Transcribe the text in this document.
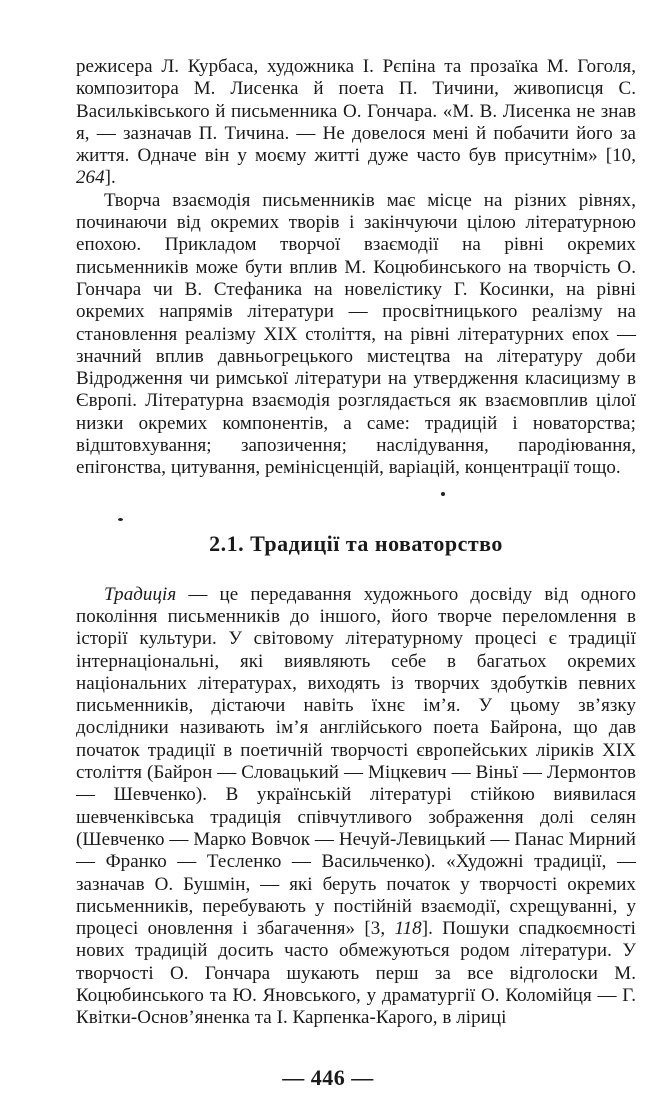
режисера Л. Курбаса, художника І. Рєпіна та прозаїка М. Гоголя, композитора М. Лисенка й поета П. Тичини, живописця С. Васильківського й письменника О. Гончара. «М. В. Лисенка не знав я, — зазначав П. Тичина. — Не довелося мені й побачити його за життя. Одначе він у моєму житті дуже часто був присутнім» [10, 264].

Творча взаємодія письменників має місце на різних рівнях, починаючи від окремих творів і закінчуючи цілою літературною епохою. Прикладом творчої взаємодії на рівні окремих письменників може бути вплив М. Коцюбинського на творчість О. Гончара чи В. Стефаника на новелістику Г. Косинки, на рівні окремих напрямів літератури — просвітницького реалізму на становлення реалізму XIX століття, на рівні літературних епох — значний вплив давньогрецького мистецтва на літературу доби Відродження чи римської літератури на утвердження класицизму в Європі. Літературна взаємодія розглядається як взаємовплив цілої низки окремих компонентів, а саме: традицій і новаторства; відштовхування; запозичення; наслідування, пародіювання, епігонства, цитування, ремінісценцій, варіацій, концентрації тощо.

2.1. Традиції та новаторство

Традиція — це передавання художнього досвіду від одного покоління письменників до іншого, його творче переломлення в історії культури. У світовому літературному процесі є традиції інтернаціональні, які виявляють себе в багатьох окремих національних літературах, виходять із творчих здобутків певних письменників, дістаючи навіть їхнє ім’я. У цьому зв’язку дослідники називають ім’я англійського поета Байрона, що дав початок традиції в поетичній творчості європейських ліриків XIX століття (Байрон — Словацький — Міцкевич — Віньї — Лермонтов — Шевченко). В українській літературі стійкою виявилася шевченківська традиція співчутливого зображення долі селян (Шевченко — Марко Вовчок — Нечуй-Левицький — Панас Мирний — Франко — Тесленко — Васильченко). «Художні традиції, — зазначав О. Бушмін, — які беруть початок у творчості окремих письменників, перебувають у постійній взаємодії, схрещуванні, у процесі оновлення і збагачення» [3, 118]. Пошуки спадкоємності нових традицій досить часто обмежуються родом літератури. У творчості О. Гончара шукають перш за все відголоски М. Коцюбинського та Ю. Яновського, у драматургії О. Коломійця — Г. Квітки-Основ’яненка та І. Карпенка-Карого, в ліриці

— 446 —
